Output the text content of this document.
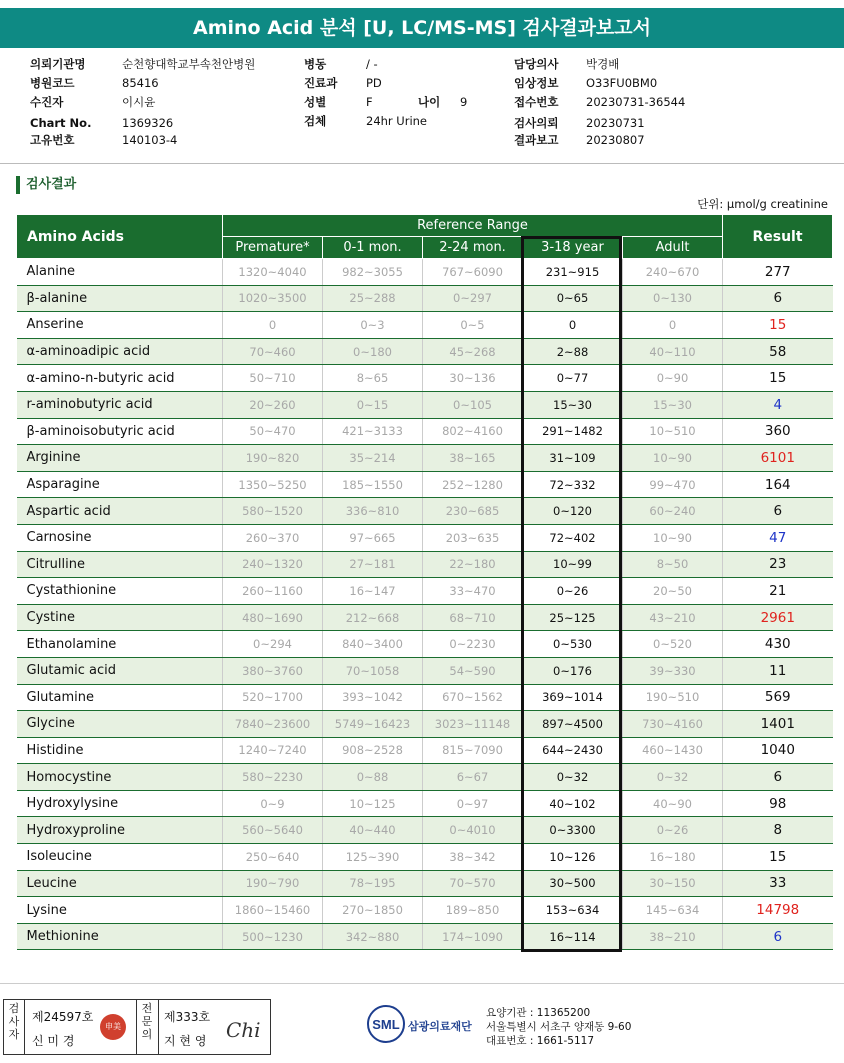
Amino Acid 분석 [U, LC/MS-MS] 검사결과보고서
의뢰기관명	순천향대학교부속천안병원
병원코드	85416
수진자	이시윤
Chart No.	1369326
고유번호	140103-4
병동	/ -
진료과 PD
성별	F	나이 9
검체	24hr Urine
담당의사 박경배
임상정보 O33FU0BM0
접수번호 20230731-36544
검사의뢰 20230731
결과보고 20230807
검사결과
단위: μmol/g creatinine
Amino Acids	Reference Range					Result
	Premature*	0-1 mon.	2-24 mon.	3-18 year	Adult	
Alanine	1320~4040	982~3055	767~6090	231~915	240~670	277
β-alanine	1020~3500	25~288	0~297	0~65	0~130	6
Anserine	0	0~3	0~5	0	0	15
α-aminoadipic acid	70~460	0~180	45~268	2~88	40~110	58
α-amino-n-butyric acid	50~710	8~65	30~136	0~77	0~90	15
r-aminobutyric acid	20~260	0~15	0~105	15~30	15~30	4
β-aminoisobutyric acid	50~470	421~3133	802~4160	291~1482	10~510	360
Arginine	190~820	35~214	38~165	31~109	10~90	6101
Asparagine	1350~5250	185~1550	252~1280	72~332	99~470	164
Aspartic acid	580~1520	336~810	230~685	0~120	60~240	6
Carnosine	260~370	97~665	203~635	72~402	10~90	47
Citrulline	240~1320	27~181	22~180	10~99	8~50	23
Cystathionine	260~1160	16~147	33~470	0~26	20~50	21
Cystine	480~1690	212~668	68~710	25~125	43~210	2961
Ethanolamine	0~294	840~3400	0~2230	0~530	0~520	430
Glutamic acid	380~3760	70~1058	54~590	0~176	39~330	11
Glutamine	520~1700	393~1042	670~1562	369~1014	190~510	569
Glycine	7840~23600	5749~16423	3023~11148	897~4500	730~4160	1401
Histidine	1240~7240	908~2528	815~7090	644~2430	460~1430	1040
Homocystine	580~2230	0~88	6~67	0~32	0~32	6
Hydroxylysine	0~9	10~125	0~97	40~102	40~90	98
Hydroxyproline	560~5640	40~440	0~4010	0~3300	0~26	8
Isoleucine	250~640	125~390	38~342	10~126	16~180	15
Leucine	190~790	78~195	70~570	30~500	30~150	33
Lysine	1860~15460	270~1850	189~850	153~634	145~634	14798
Methionine	500~1230	342~880	174~1090	16~114	38~210	6
검사자
제24597호
신 미 경
申美
전문의
제333호
지 현 영 Chi	SML 삼광의료재단
요양기관 : 11365200
서울특별시 서초구 양재동 9-60
대표번호 : 1661-5117
